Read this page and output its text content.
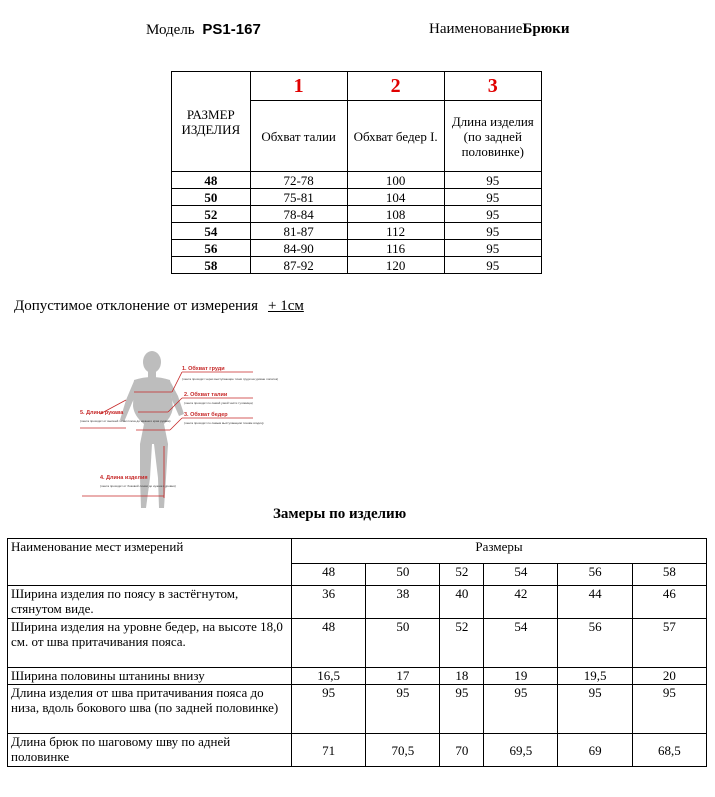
Модель PS1-167	НаименованиеБрюки
РАЗМЕР ИЗДЕЛИЯ	1	2	3
	Обхват талии	Обхват бедер I.	Длина изделия (по задней половинке)
48	72-78	100	95
50	75-81	104	95
52	78-84	108	95
54	81-87	112	95
56	84-90	116	95
58	87-92	120	95
Допустимое отклонение от измерения + 1см
1. Обхват груди
(лента проходит через выступающие точки груди на уровне лопаток)
2. Обхват талии
(лента проходит по самой узкой части туловища)
3. Обхват бедер
(лента проходит по самым выступающим точкам ягодиц)
5. Длина рукава
(лента проходит от высшей точки плеча до нижнего края рукава)
4. Длина изделия
(лента проходит от боковой линии до нужного уровня)
Замеры по изделию
Наименование мест измерений	Размеры					
	48	50	52	54	56	58
Ширина изделия по поясу в застёгнутом, стянутом виде.	36	38	40	42	44	46
Ширина изделия на уровне бедер, на высоте 18,0 см. от шва притачивания пояса.	48	50	52	54	56	57
Ширина половины штанины внизу	16,5	17	18	19	19,5	20
Длина изделия от шва притачивания пояса до низа, вдоль бокового шва (по задней половинке)	95	95	95	95	95	95
Длина брюк по шаговому шву по адней половинке	71	70,5	70	69,5	69	68,5
